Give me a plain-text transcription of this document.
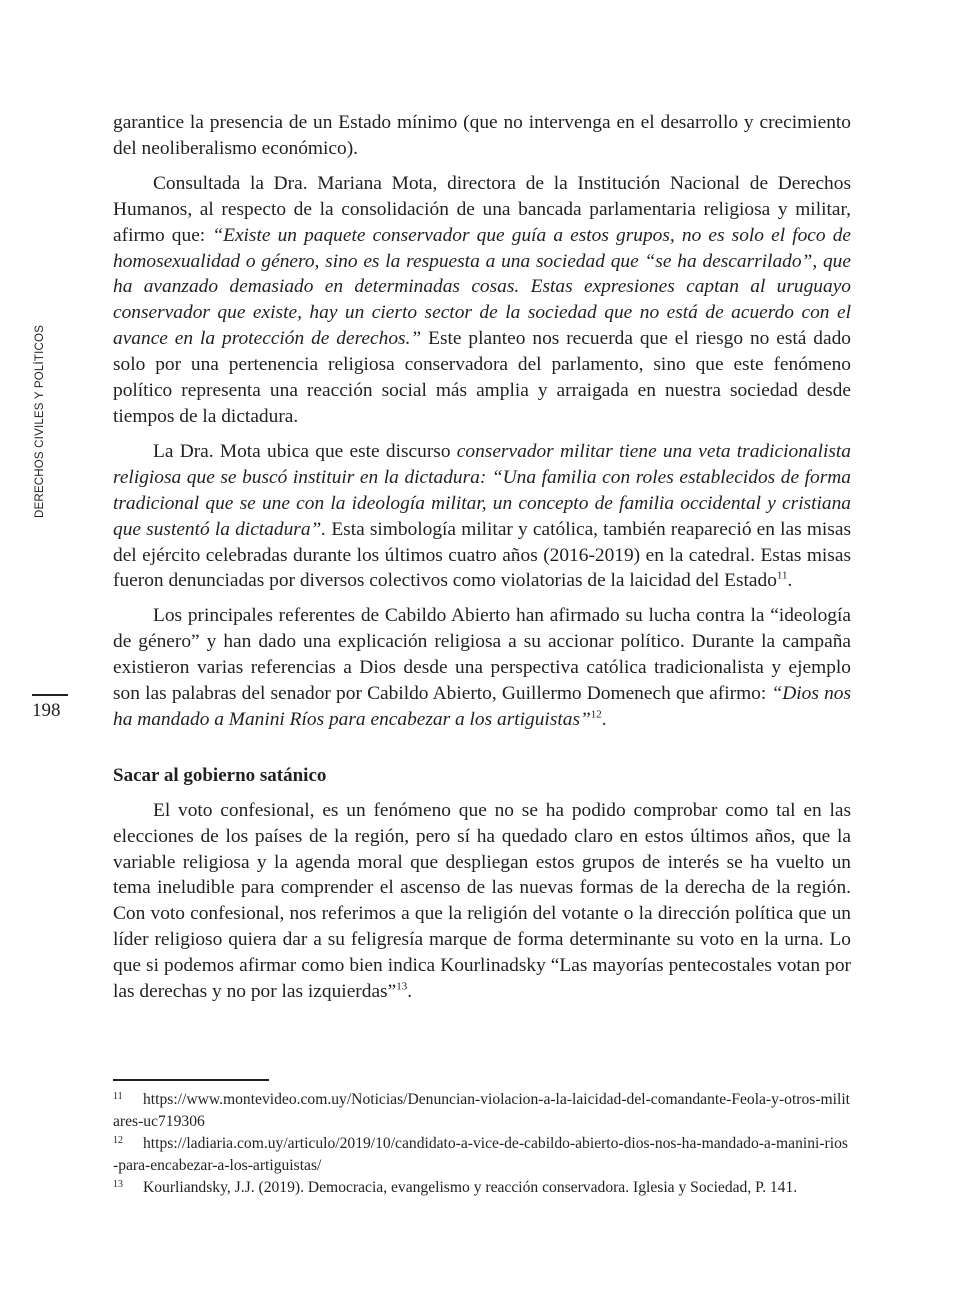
DERECHOS CIVILES Y POLÍTICOS
198

garantice la presencia de un Estado mínimo (que no intervenga en el desarrollo y crecimiento del neoliberalismo económico).

Consultada la Dra. Mariana Mota, directora de la Institución Nacional de Derechos Humanos, al respecto de la consolidación de una bancada parlamentaria religiosa y militar, afirmo que: “Existe un paquete conservador que guía a estos grupos, no es solo el foco de homosexualidad o género, sino es la respuesta a una sociedad que “se ha descarrilado”, que ha avanzado demasiado en determinadas cosas. Estas expresiones captan al uruguayo conservador que existe, hay un cierto sector de la sociedad que no está de acuerdo con el avance en la protección de derechos.” Este planteo nos recuerda que el riesgo no está dado solo por una pertenencia religiosa conservadora del parlamento, sino que este fenómeno político representa una reacción social más amplia y arraigada en nuestra sociedad desde tiempos de la dictadura.

La Dra. Mota ubica que este discurso conservador militar tiene una veta tradicionalista religiosa que se buscó instituir en la dictadura: “Una familia con roles establecidos de forma tradicional que se une con la ideología militar, un concepto de familia occidental y cristiana que sustentó la dictadura”. Esta simbología militar y católica, también reapareció en las misas del ejército celebradas durante los últimos cuatro años (2016-2019) en la catedral. Estas misas fueron denunciadas por diversos colectivos como violatorias de la laicidad del Estado$^{11}$.

Los principales referentes de Cabildo Abierto han afirmado su lucha contra la “ideología de género” y han dado una explicación religiosa a su accionar político. Durante la campaña existieron varias referencias a Dios desde una perspectiva católica tradicionalista y ejemplo son las palabras del senador por Cabildo Abierto, Guillermo Domenech que afirmo: “Dios nos ha mandado a Manini Ríos para encabezar a los artiguistas”$^{12}$.

Sacar al gobierno satánico

El voto confesional, es un fenómeno que no se ha podido comprobar como tal en las elecciones de los países de la región, pero sí ha quedado claro en estos últimos años, que la variable religiosa y la agenda moral que despliegan estos grupos de interés se ha vuelto un tema ineludible para comprender el ascenso de las nuevas formas de la derecha de la región. Con voto confesional, nos referimos a que la religión del votante o la dirección política que un líder religioso quiera dar a su feligresía marque de forma determinante su voto en la urna. Lo que si podemos afirmar como bien indica Kourlinadsky “Las mayorías pentecostales votan por las derechas y no por las izquierdas”$^{13}$.

11 https://www.montevideo.com.uy/Noticias/Denuncian-violacion-a-la-laicidad-del-comandante-Feola-y-otros-militares-uc719306
12 https://ladiaria.com.uy/articulo/2019/10/candidato-a-vice-de-cabildo-abierto-dios-nos-ha-mandado-a-manini-rios-para-encabezar-a-los-artiguistas/
13 Kourliandsky, J.J. (2019). Democracia, evangelismo y reacción conservadora. Iglesia y Sociedad, P. 141.
